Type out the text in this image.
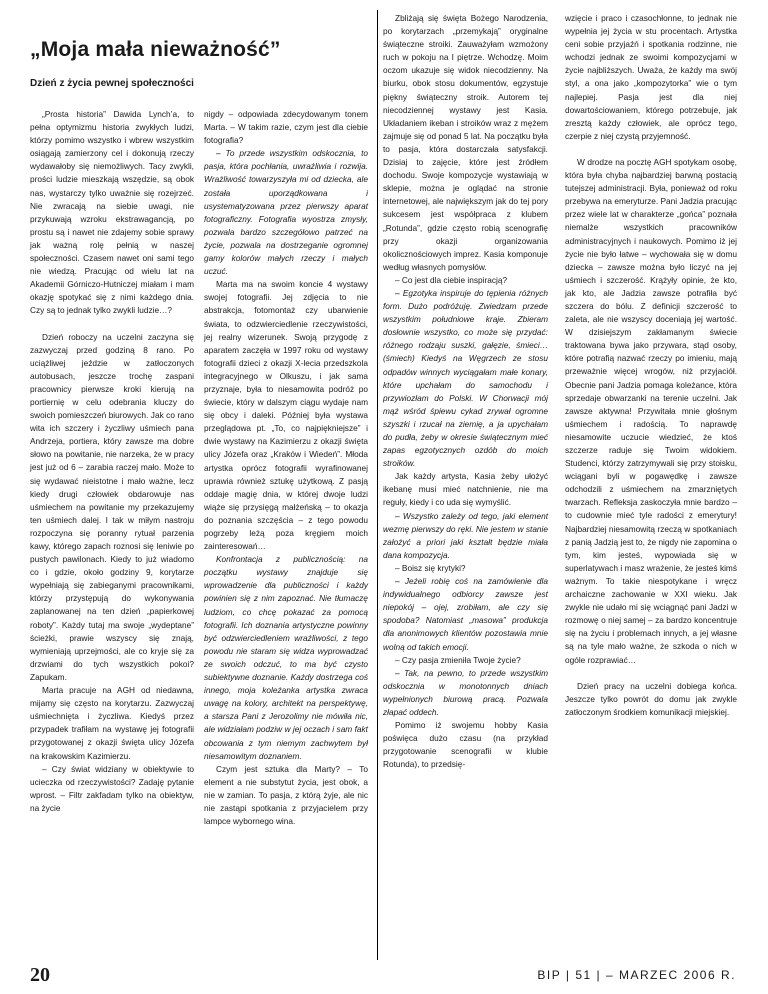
„Moja mała nieważność”
Dzień z życia pewnej społeczności

„Prosta historia” Dawida Lynch’a, to pełna optymizmu historia zwykłych ludzi, którzy pomimo wszystko i wbrew wszystkim osiągają zamierzony cel i dokonują rzeczy wydawałoby się niemożliwych. Tacy zwykli, prości ludzie mieszkają wszędzie, są obok nas, wystarczy tylko uważnie się rozejrzeć. Nie zwracają na siebie uwagi, nie przykuwają wzroku ekstrawagancją, po prostu są i nawet nie zdajemy sobie sprawy jak ważną rolę pełnią w naszej społeczności. Czasem nawet oni sami tego nie wiedzą. Pracując od wielu lat na Akademii Górniczo-Hutniczej miałam i mam okazję spotykać się z nimi każdego dnia. Czy są to jednak tylko zwykli ludzie…?

Dzień roboczy na uczelni zaczyna się zazwyczaj przed godziną 8 rano. Po uciążliwej jeździe w zatłoczonych autobusach, jeszcze trochę zaspani pracownicy pierwsze kroki kierują na portiernię w celu odebrania kluczy do swoich pomieszczeń biurowych. Jak co rano wita ich szczery i życzliwy uśmiech pana Andrzeja, portiera, który zawsze ma dobre słowo na powitanie, nie narzeka, że w pracy jest już od 6 – zarabia raczej mało. Może to się wydawać nieistotne i mało ważne, lecz kiedy drugi człowiek obdarowuje nas uśmiechem na powitanie my przekazujemy ten uśmiech dalej. I tak w miłym nastroju rozpoczyna się poranny rytuał parzenia kawy, którego zapach roznosi się leniwie po pustych pawilonach. Kiedy to już wiadomo co i gdzie, około godziny 9, korytarze wypełniają się zabieganymi pracownikami, którzy przystępują do wykonywania zaplanowanej na ten dzień „papierkowej roboty”. Każdy tutaj ma swoje „wydeptane” ścieżki, prawie wszyscy się znają, wymieniają uprzejmości, ale co kryje się za drzwiami do tych wszystkich pokoi? Zapukam.

Marta pracuje na AGH od niedawna, mijamy się często na korytarzu. Zazwyczaj uśmiechnięta i życzliwa. Kiedyś przez przypadek trafiłam na wystawę jej fotografii przygotowanej z okazji święta ulicy Józefa na krakowskim Kazimierzu.

– Czy świat widziany w obiektywie to ucieczka od rzeczywistości? Zadaję pytanie wprost. – Filtr zakfadam tylko na obiektyw, na życie

nigdy – odpowiada zdecydowanym tonem Marta. – W takim razie, czym jest dla ciebie fotografia?

– To przede wszystkim odskocznia, to pasja, która pochłania, uwrażliwia i rozwija. Wrażliwość towarzyszyła mi od dziecka, ale została uporządkowana i usystematyzowana przez pierwszy aparat fotograficzny. Fotografia wyostrza zmysły, pozwala bardzo szczegółowo patrzeć na życie, pozwala na dostrzeganie ogromnej gamy kolorów małych rzeczy i małych uczuć.

Marta ma na swoim koncie 4 wystawy swojej fotografii. Jej zdjęcia to nie abstrakcja, fotomontaż czy ubarwienie świata, to odzwierciedlenie rzeczywistości, jej realny wizerunek. Swoją przygodę z aparatem zaczęła w 1997 roku od wystawy fotografii dzieci z okazji X-lecia przedszkola integracyjnego w Olkuszu, i jak sama przyznaje, była to niesamowita podróż po świecie, który w dalszym ciągu wydaje nam się obcy i daleki. Później była wystawa przeglądowa pt. „To, co najpiękniejsze” i dwie wystawy na Kazimierzu z okazji święta ulicy Józefa oraz „Kraków i Wiedeń”. Młoda artystka oprócz fotografii wyrafinowanej uprawia również sztukę użytkową. Z pasją oddaje magię dnia, w której dwoje ludzi wiąże się przysięgą małżeńską – to okazja do poznania szczęścia – z tego powodu pogrzeby leżą poza kręgiem moich zainteresowań…

Konfrontacja z publicznością: na początku wystawy znajduje się wprowadzenie dla publiczności i każdy powinien się z nim zapoznać. Nie tłumaczę ludziom, co chcę pokazać za pomocą fotografii. Ich doznania artystyczne powinny być odzwierciedleniem wrażliwości, z tego powodu nie staram się widza wyprowadzać ze swoich odczuć, to ma być czysto subiektywne doznanie. Każdy dostrzega coś innego, moja koleżanka artystka zwraca uwagę na kolory, architekt na perspektywę, a starsza Pani z Jerozolimy nie mówiła nic, ale widziałam podziw w jej oczach i sam fakt obcowania z tym niemym zachwytem był niesamowitym doznaniem.

Czym jest sztuka dla Marty? – To element a nie substytut życia, jest obok, a nie w zamian. To pasja, z którą żyje, ale nic nie zastąpi spotkania z przyjacielem przy lampce wybornego wina.

Zbliżają się święta Bożego Narodzenia, po korytarzach „przemykają” oryginalne świąteczne stroiki. Zauważyłam wzmożony ruch w pokoju na I piętrze. Wchodzę. Moim oczom ukazuje się widok niecodzienny. Na biurku, obok stosu dokumentów, egzystuje piękny świąteczny stroik. Autorem tej niecodziennej wystawy jest Kasia. Układaniem ikeban i stroików wraz z mężem zajmuje się od ponad 5 lat. Na początku była to pasja, która dostarczała satysfakcji. Dzisiaj to zajęcie, które jest źródłem dochodu. Swoje kompozycje wystawiają w sklepie, można je oglądać na stronie internetowej, ale największym jak do tej pory sukcesem jest współpraca z klubem „Rotunda”, gdzie często robią scenografię przy okazji organizowania okolicznościowych imprez. Kasia komponuje według własnych pomysłów.

– Co jest dla ciebie inspiracją?

– Egzotyka inspiruje do tępienia różnych form. Dużo podróżuję. Zwiedzam przede wszystkim południowe kraje. Zbieram dosłownie wszystko, co może się przydać: różnego rodzaju suszki, gałęzie, śmieci… (śmiech) Kiedyś na Węgrzech ze stosu odpadów winnych wyciągałam małe konary, które upchałam do samochodu i przywiozłam do Polski. W Chorwacji mój mąż wśród śpiewu cykad zrywał ogromne szyszki i rzucał na ziemię, a ja upychałam do pudła, żeby w okresie świątecznym mieć zapas egzotycznych ozdób do moich stroików.

Jak każdy artysta, Kasia żeby ułożyć ikebanę musi mieć natchnienie, nie ma reguły, kiedy i co uda się wymyślić.

– Wszystko zależy od tego, jaki element wezmę pierwszy do ręki. Nie jestem w stanie założyć a priori jaki kształt będzie miała dana kompozycja.

– Boisz się krytyki?

– Jeżeli robię coś na zamówienie dla indywidualnego odbiorcy zawsze jest niepokój – ojej, zrobiłam, ale czy się spodoba? Natomiast „masowa” produkcja dla anonimowych klientów pozostawia mnie wolną od takich emocji.

– Czy pasja zmieniła Twoje życie?

– Tak, na pewno, to przede wszystkim odskocznia w monotonnych dniach wypełnionych biurową pracą. Pozwala złapać oddech.

Pomimo iż swojemu hobby Kasia poświęca dużo czasu (na przykład przygotowanie scenografii w klubie Rotunda), to przedsię-

wzięcie i praco i czasochłonne, to jednak nie wypełnia jej życia w stu procentach. Artystka ceni sobie przyjaźń i spotkania rodzinne, nie wchodzi jednak ze swoimi kompozycjami w życie najbliższych. Uważa, że każdy ma swój styl, a ona jako „kompozytorka” wie o tym najlepiej. Pasja jest dla niej dowartościowaniem, którego potrzebuje, jak zresztą każdy człowiek, ale oprócz tego, czerpie z niej czystą przyjemność.

W drodze na pocztę AGH spotykam osobę, która była chyba najbardziej barwną postacią tutejszej administracji. Była, ponieważ od roku przebywa na emeryturze. Pani Jadzia pracując przez wiele lat w charakterze „gońca” poznała niemalże wszystkich pracowników administracyjnych i naukowych. Pomimo iż jej życie nie było łatwe – wychowała się w domu dziecka – zawsze można było liczyć na jej uśmiech i szczerość. Krążyły opinie, że kto, jak kto, ale Jadzia zawsze potrafiła być szczera do bólu. Z definicji szczerość to zaleta, ale nie wszyscy doceniają jej wartość. W dzisiejszym zakłamanym świecie traktowana bywa jako przywara, stąd osoby, które potrafią nazwać rzeczy po imieniu, mają przeważnie więcej wrogów, niż przyjaciół. Obecnie pani Jadzia pomaga koleżance, która sprzedaje obwarzanki na terenie uczelni. Jak zawsze aktywna! Przywitała mnie głośnym uśmiechem i radością. To naprawdę niesamowite uczucie wiedzieć, że ktoś szczerze raduje się Twoim widokiem. Studenci, którzy zatrzymywali się przy stoisku, wciągani byli w pogawędkę i zawsze odchodzili z uśmiechem na zmarzniętych twarzach. Refleksja zaskoczyła mnie bardzo – to cudownie mieć tyle radości z emerytury! Najbardziej niesamowitą rzeczą w spotkaniach z panią Jadzią jest to, że nigdy nie zapomina o tym, kim jesteś, wypowiada się w superlatywach i masz wrażenie, że jesteś kimś ważnym. To takie niespotykane i wręcz archaiczne zachowanie w XXI wieku. Jak zwykle nie udało mi się wciągnąć pani Jadzi w rozmowę o niej samej – za bardzo koncentruje się na życiu i problemach innych, a jej własne są na tyle mało ważne, że szkoda o nich w ogóle rozprawiać…

Dzień pracy na uczelni dobiega końca. Jeszcze tylko powrót do domu jak zwykle zatłoczonym środkiem komunikacji miejskiej.

20	BIP | 51 | – MARZEC 2006 R.
